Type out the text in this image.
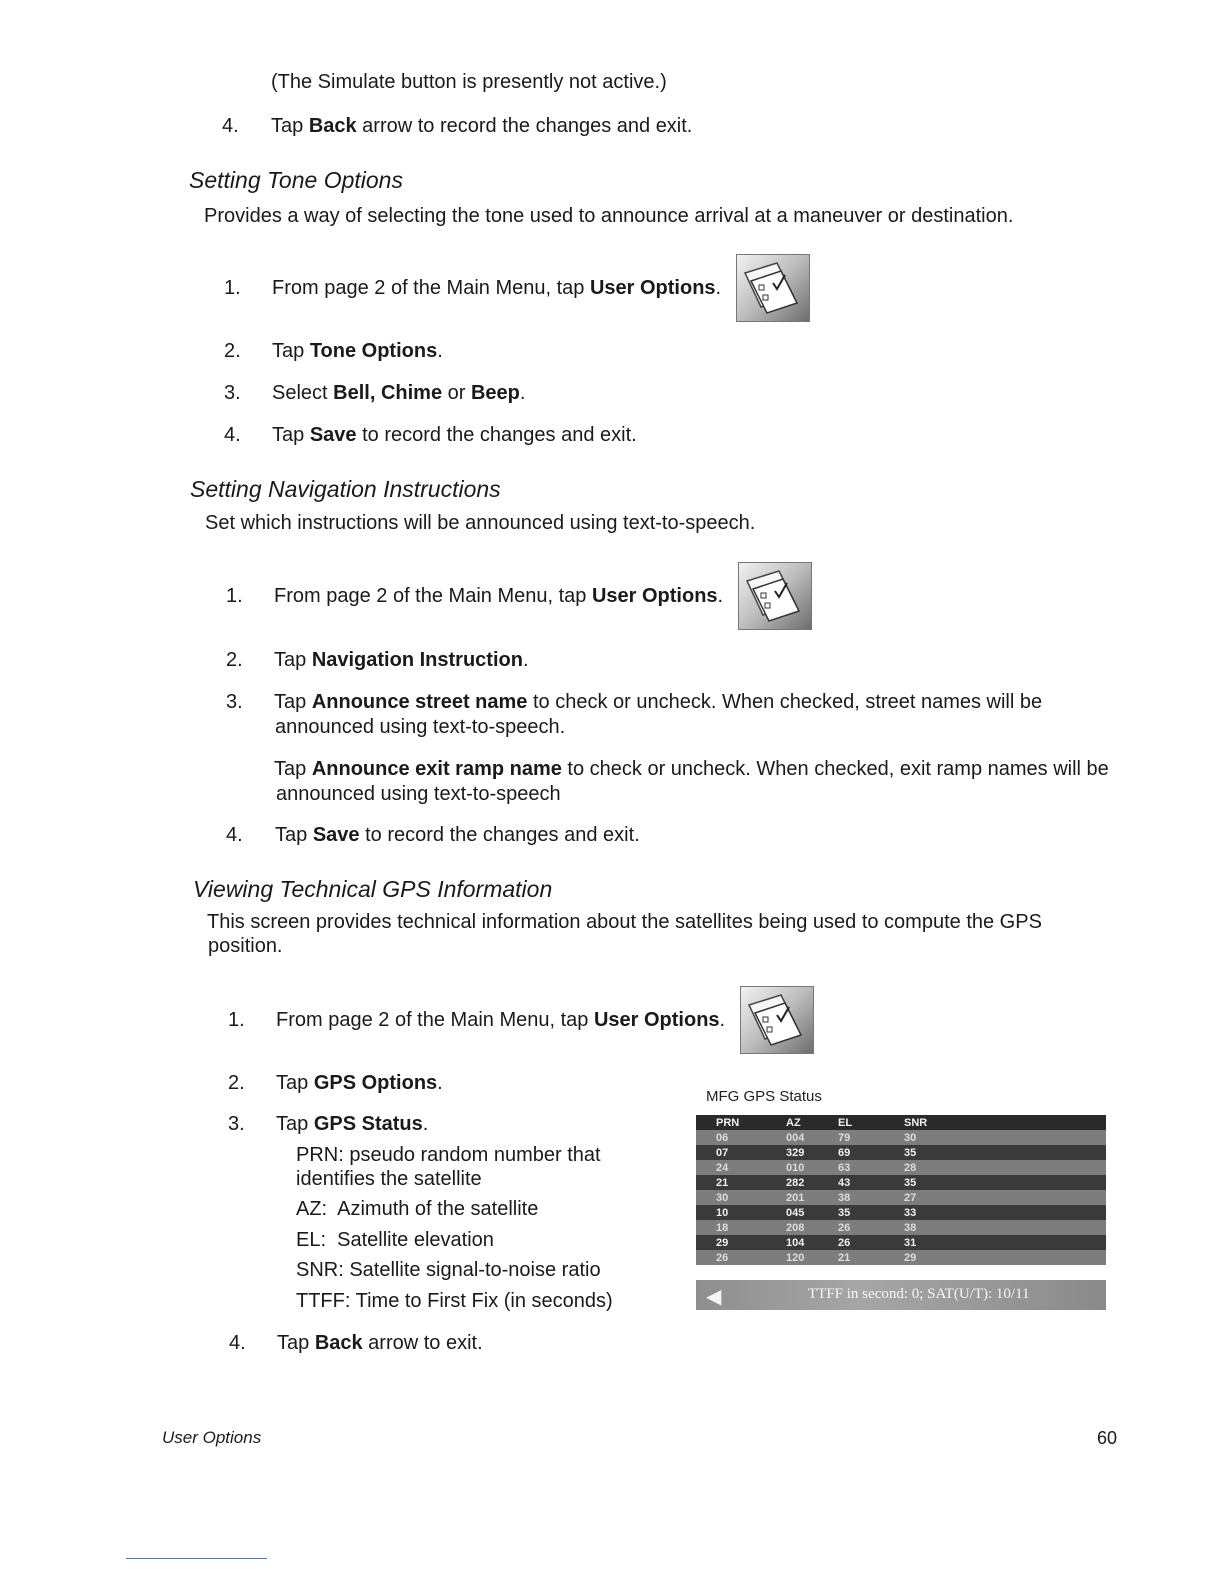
(The Simulate button is presently not active.)
4. Tap Back arrow to record the changes and exit.
Setting Tone Options
Provides a way of selecting the tone used to announce arrival at a maneuver or destination.
1. From page 2 of the Main Menu, tap User Options.
2. Tap Tone Options.
3. Select Bell, Chime or Beep.
4. Tap Save to record the changes and exit.
Setting Navigation Instructions
Set which instructions will be announced using text-to-speech.
1. From page 2 of the Main Menu, tap User Options.
2. Tap Navigation Instruction.
3. Tap Announce street name to check or uncheck. When checked, street names will be
announced using text-to-speech.
Tap Announce exit ramp name to check or uncheck. When checked, exit ramp names will be
announced using text-to-speech
4. Tap Save to record the changes and exit.
Viewing Technical GPS Information
This screen provides technical information about the satellites being used to compute the GPS
position.
1. From page 2 of the Main Menu, tap User Options.
2. Tap GPS Options.
3. Tap GPS Status.
PRN: pseudo random number that
identifies the satellite
AZ:  Azimuth of the satellite
EL:  Satellite elevation
SNR: Satellite signal-to-noise ratio
TTFF: Time to First Fix (in seconds)
4. Tap Back arrow to exit.
MFG GPS Status
PRN	AZ	EL	SNR
06	004	79	30
07	329	69	35
24	010	63	28
21	282	43	35
30	201	38	27
10	045	35	33
18	208	26	38
29	104	26	31
26	120	21	29
◀	TTFF in second: 0; SAT(U/T): 10/11
User Options	60
